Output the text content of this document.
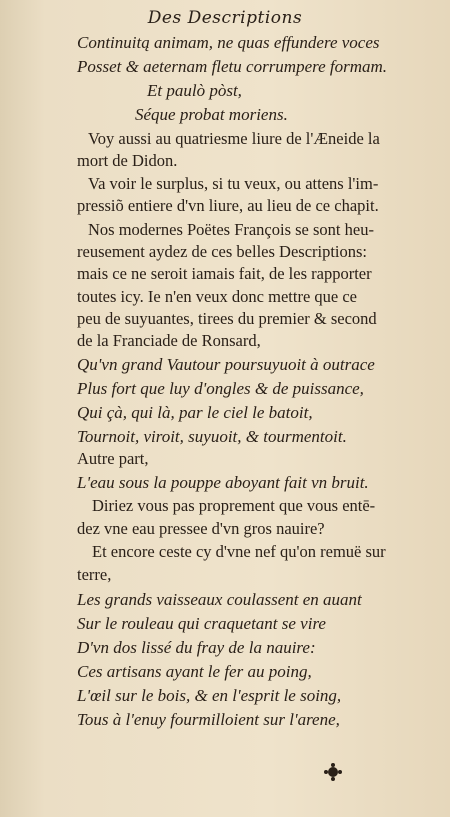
Des Descriptions
Continuitą animam, ne quas effundere voces
Posset & aeternam fletu corrumpere formam.
Et paulò pòst,
Séque probat moriens.
Voy aussi au quatriesme liure de l'Æneide la
mort de Didon.
Va voir le surplus, si tu veux, ou attens l'im-
pressiõ entiere d'vn liure, au lieu de ce chapit.
Nos modernes Poëtes François se sont heu-
reusement aydez de ces belles Descriptions:
mais ce ne seroit iamais fait, de les rapporter
toutes icy. Ie n'en veux donc mettre que ce
peu de suyuantes, tirees du premier & second
de la Franciade de Ronsard,
Qu'vn grand Vautour poursuyuoit à outrace
Plus fort que luy d'ongles & de puissance,
Qui çà, qui là, par le ciel le batoit,
Tournoit, viroit, suyuoit, & tourmentoit.
Autre part,
L'eau sous la pouppe aboyant fait vn bruit.
Diriez vous pas proprement que vous entē-
dez vne eau pressee d'vn gros nauire?
Et encore ceste cy d'vne nef qu'on remuë sur
terre,
Les grands vaisseaux coulassent en auant
Sur le rouleau qui craquetant se vire
D'vn dos lissé du fray de la nauire:
Ces artisans ayant le fer au poing,
L'œil sur le bois, & en l'esprit le soing,
Tous à l'enuy fourmilloient sur l'arene,
